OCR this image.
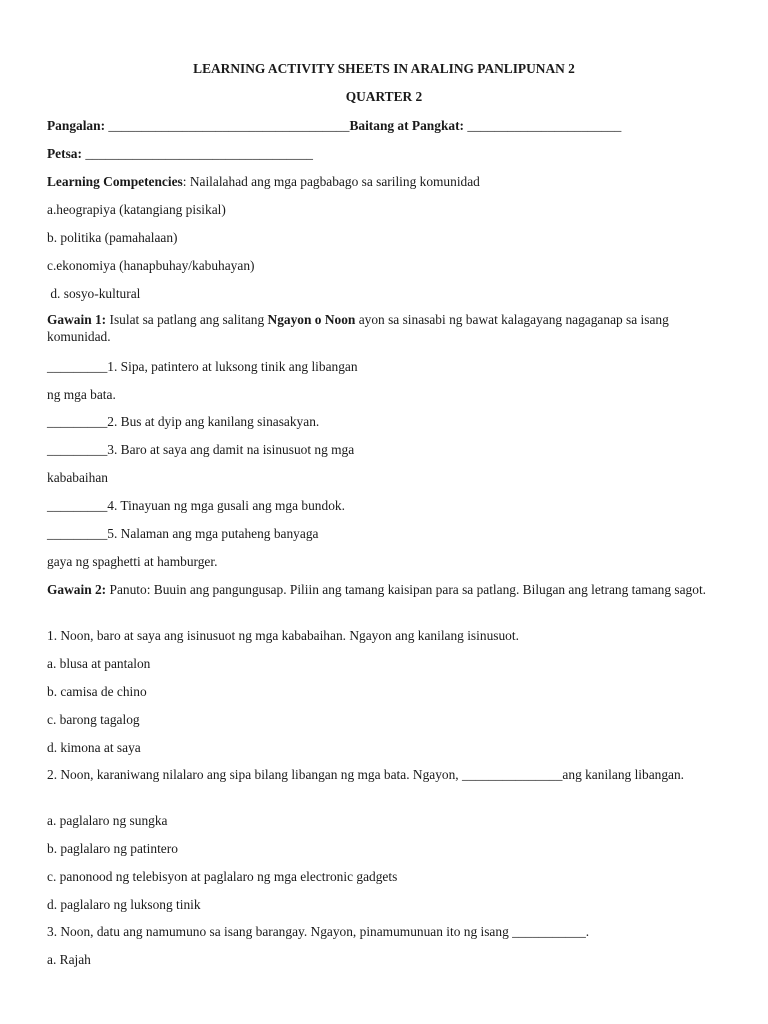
LEARNING ACTIVITY SHEETS IN ARALING PANLIPUNAN 2
QUARTER 2
Pangalan: ____________________________________Baitang at Pangkat: _______________________
Petsa: __________________________________
Learning Competencies: Nailalahad ang mga pagbabago sa sariling komunidad
a.heograpiya (katangiang pisikal)
b. politika (pamahalaan)
c.ekonomiya (hanapbuhay/kabuhayan)
d. sosyo-kultural
Gawain 1: Isulat sa patlang ang salitang Ngayon o Noon ayon sa sinasabi ng bawat kalagayang nagaganap sa isang komunidad.
_________1. Sipa, patintero at luksong tinik ang libangan
ng mga bata.
_________2. Bus at dyip ang kanilang sinasakyan.
_________3. Baro at saya ang damit na isinusuot ng mga
kababaihan
_________4. Tinayuan ng mga gusali ang mga bundok.
_________5. Nalaman ang mga putaheng banyaga
gaya ng spaghetti at hamburger.
Gawain 2: Panuto: Buuin ang pangungusap. Piliin ang tamang kaisipan para sa patlang. Bilugan ang letrang tamang sagot.
1. Noon, baro at saya ang isinusuot ng mga kababaihan. Ngayon ang kanilang isinusuot.
a. blusa at pantalon
b. camisa de chino
c. barong tagalog
d. kimona at saya
2. Noon, karaniwang nilalaro ang sipa bilang libangan ng mga bata. Ngayon, _______________ang kanilang libangan.
a. paglalaro ng sungka
b. paglalaro ng patintero
c. panonood ng telebisyon at paglalaro ng mga electronic gadgets
d. paglalaro ng luksong tinik
3. Noon, datu ang namumuno sa isang barangay. Ngayon, pinamumunuan ito ng isang ___________.
a. Rajah
